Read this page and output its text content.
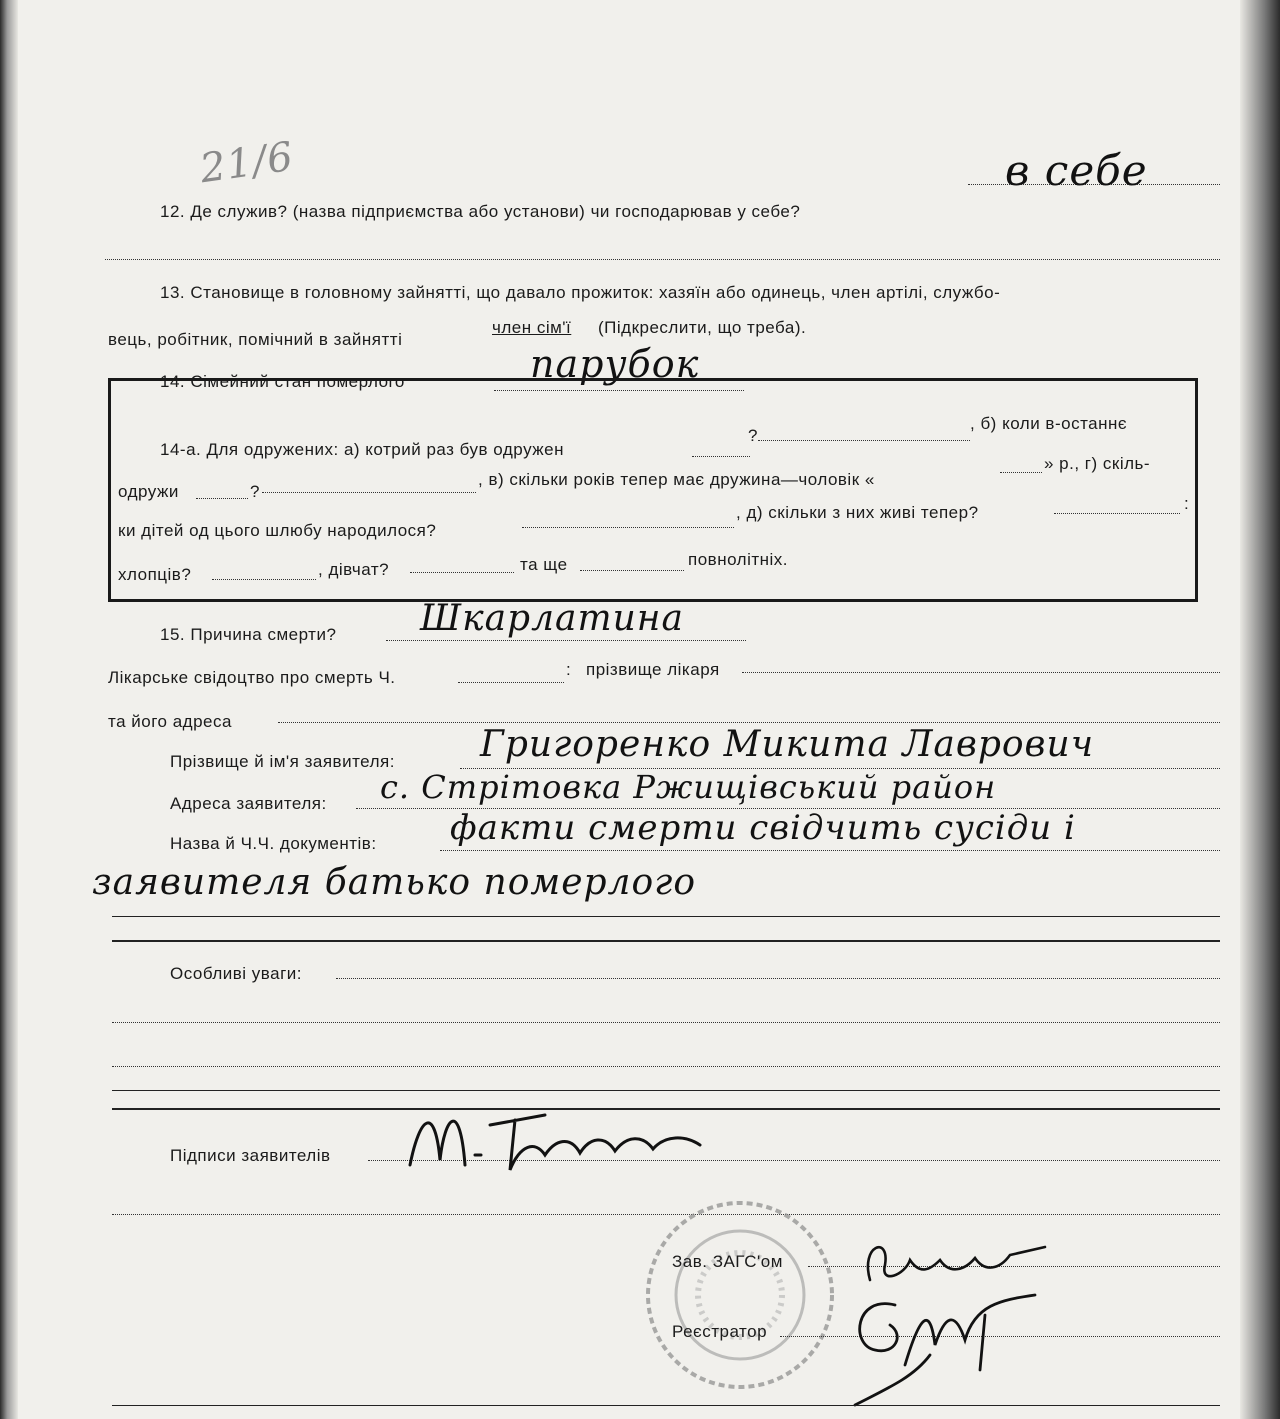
21/6
12. Де служив? (назва підприємства або установи) чи господарював у себе?
в себе
13. Становище в головному зайнятті, що давало прожиток: хазяїн або одинець, член артілі, службо-
вець, робітник, помічний в зайнятті
член сім'ї (Підкреслити, що треба).
14. Сімейний стан померлого	парубок
14-а. Для одружених: а) котрий раз був одружен
?
, б) коли в-останнє
одружи	?
, в) скільки років тепер має дружина—чоловік «
» р., г) скіль-
ки дітей од цього шлюбу народилося?
, д) скільки з них живі тепер?	:
хлопців?	, дівчат?	та ще	повнолітніх.
15. Причина смерти? Шкарлатина
Лікарське свідоцтво про смерть Ч.	: прізвище лікаря
та його адреса
Прізвище й ім'я заявителя: Григоренко Микита Лаврович
Адреса заявителя: с. Стрітовка Ржищівський район
Назва й Ч.Ч. документів: факти смерти свідчить сусіди і
заявителя батько померлого
Особливі уваги:
Підписи заявителів
Зав. ЗАГС'ом
Реєстратор
